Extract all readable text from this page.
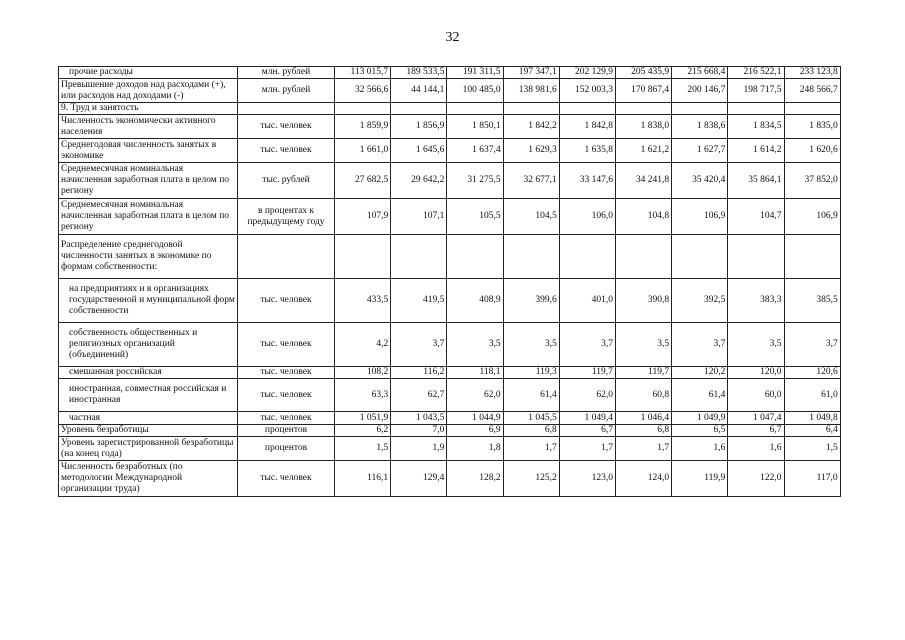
32
прочие расходы	млн. рублей	113 015,7	189 533,5	191 311,5	197 347,1	202 129,9	205 435,9	215 668,4	216 522,1	233 123,8
Превышение доходов над расходами (+), или расходов над доходами (-)	млн. рублей	32 566,6	44 144,1	100 485,0	138 981,6	152 003,3	170 867,4	200 146,7	198 717,5	248 566,7
9. Труд и занятость										
Численность экономически активного населения	тыс. человек	1 859,9	1 856,9	1 850,1	1 842,2	1 842,8	1 838,0	1 838,6	1 834,5	1 835,0
Среднегодовая численность занятых в экономике	тыс. человек	1 661,0	1 645,6	1 637,4	1 629,3	1 635,8	1 621,2	1 627,7	1 614,2	1 620,6
Среднемесячная номинальная начисленная заработная плата в целом по региону	тыс. рублей	27 682,5	29 642,2	31 275,5	32 677,1	33 147,6	34 241,8	35 420,4	35 864,1	37 852,0
Среднемесячная номинальная начисленная заработная плата в целом по региону	в процентах к предыдущему году	107,9	107,1	105,5	104,5	106,0	104,8	106,9	104,7	106,9
Распределение среднегодовой численности занятых в экономике по формам собственности:										
на предприятиях и в организациях государственной и муниципальной форм собственности	тыс. человек	433,5	419,5	408,9	399,6	401,0	390,8	392,5	383,3	385,5
собственность общественных и религиозных организаций (объединений)	тыс. человек	4,2	3,7	3,5	3,5	3,7	3,5	3,7	3,5	3,7
смешанная российская	тыс. человек	108,2	116,2	118,1	119,3	119,7	119,7	120,2	120,0	120,6
иностранная, совместная российская и иностранная	тыс. человек	63,3	62,7	62,0	61,4	62,0	60,8	61,4	60,0	61,0
частная	тыс. человек	1 051,9	1 043,5	1 044,9	1 045,5	1 049,4	1 046,4	1 049,9	1 047,4	1 049,8
Уровень безработицы	процентов	6,2	7,0	6,9	6,8	6,7	6,8	6,5	6,7	6,4
Уровень зарегистрированной безработицы (на конец года)	процентов	1,5	1,9	1,8	1,7	1,7	1,7	1,6	1,6	1,5
Численность безработных (по методологии Международной организации труда)	тыс. человек	116,1	129,4	128,2	125,2	123,0	124,0	119,9	122,0	117,0
